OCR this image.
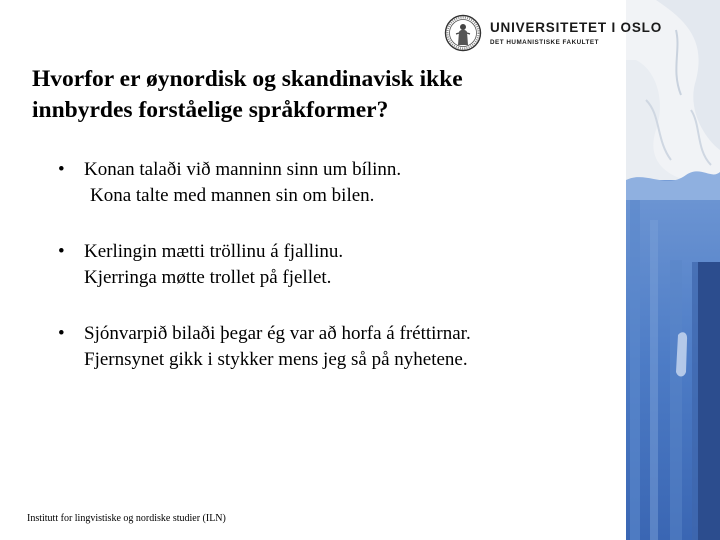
UNIVERSITETET I OSLO
DET HUMANISTISKE FAKULTET
Hvorfor er øynordisk og skandinavisk ikke
innbyrdes forståelige språkformer?
• Konan talaði við manninn sinn um bílinn.
Kona talte med mannen sin om bilen.
• Kerlingin mætti tröllinu á fjallinu.
Kjerringa møtte trollet på fjellet.
• Sjónvarpið bilaði þegar ég var að horfa á fréttirnar.
Fjernsynet gikk i stykker mens jeg så på nyhetene.
Institutt for lingvistiske og nordiske studier (ILN)
